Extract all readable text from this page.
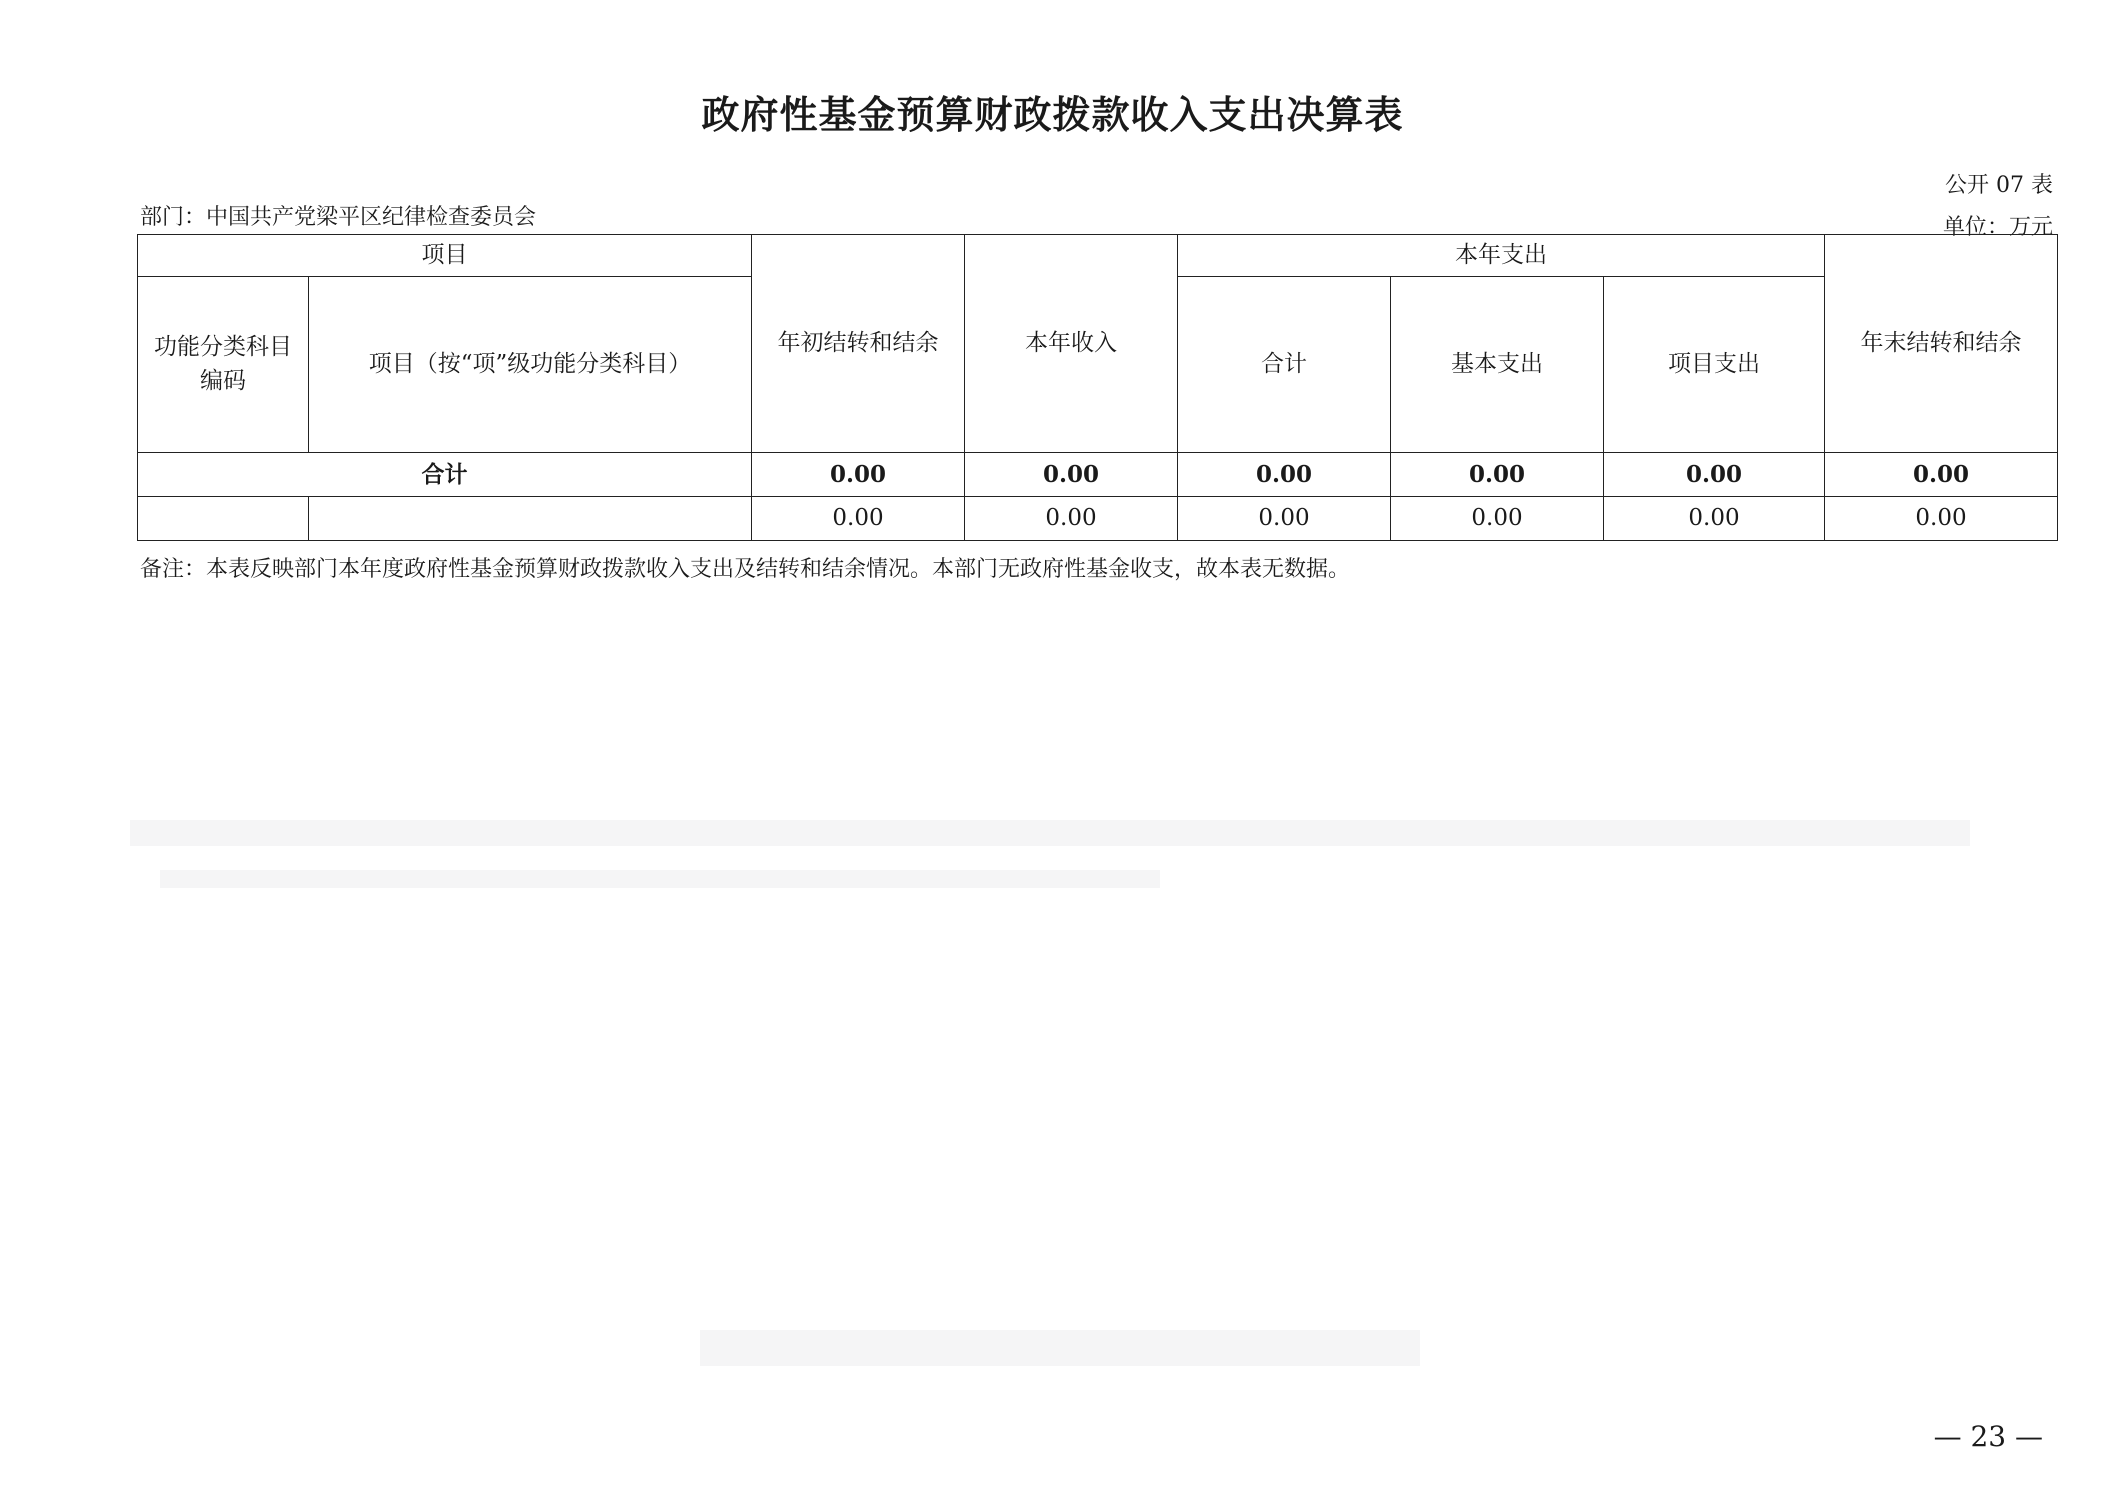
政府性基金预算财政拨款收入支出决算表
公开 07 表
单位：万元
部门：中国共产党梁平区纪律检查委员会
项目		年初结转和结余	本年收入	本年支出			年末结转和结余
功能分类科目编码	项目（按“项”级功能分类科目）			合计	基本支出	项目支出	
合计		0.00	0.00	0.00	0.00	0.00	0.00
		0.00	0.00	0.00	0.00	0.00	0.00
备注：本表反映部门本年度政府性基金预算财政拨款收入支出及结转和结余情况。本部门无政府性基金收支，故本表无数据。
— 23 —
